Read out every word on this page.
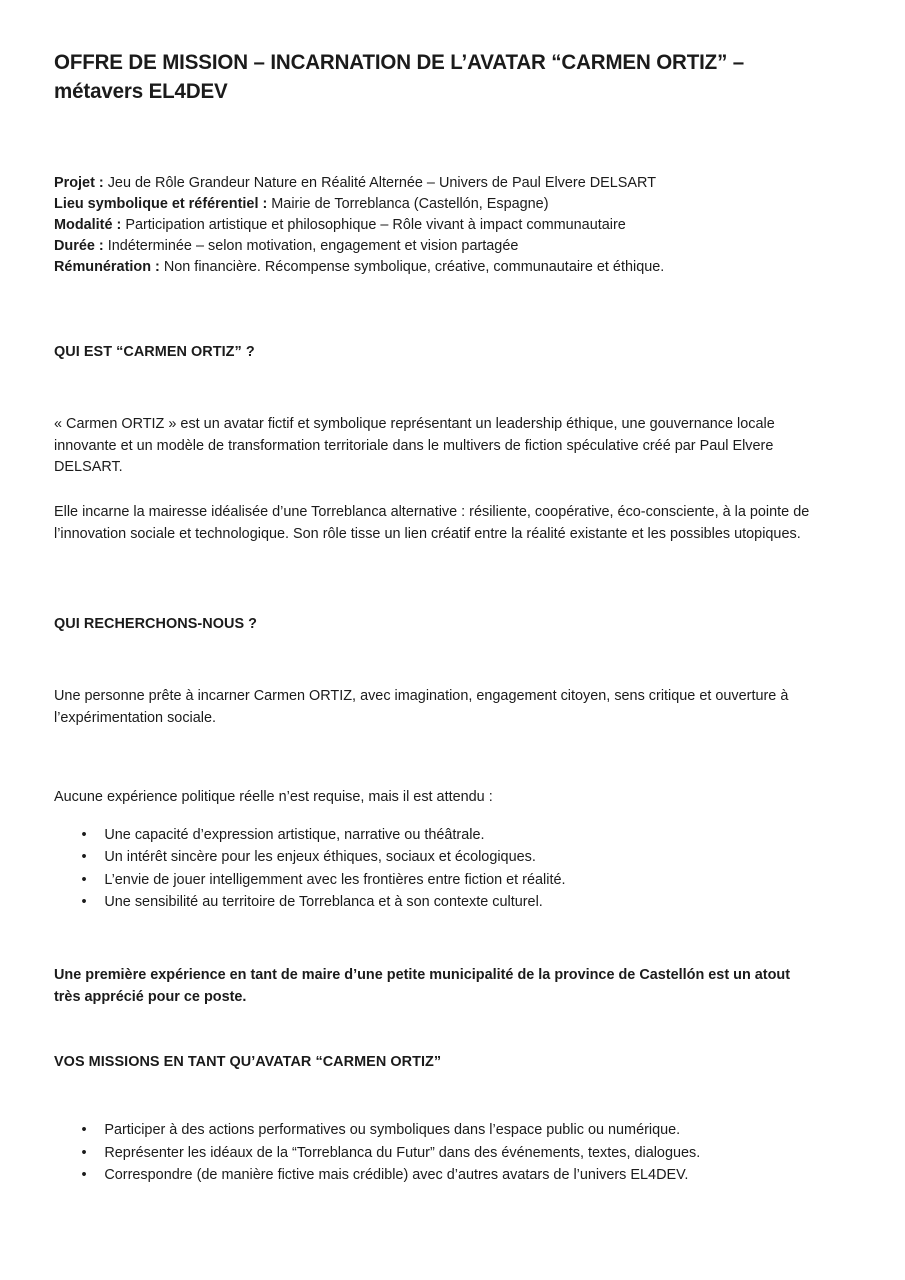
OFFRE DE MISSION – INCARNATION DE L’AVATAR “CARMEN ORTIZ” – métavers EL4DEV
Projet : Jeu de Rôle Grandeur Nature en Réalité Alternée – Univers de Paul Elvere DELSART
Lieu symbolique et référentiel : Mairie de Torreblanca (Castellón, Espagne)
Modalité : Participation artistique et philosophique – Rôle vivant à impact communautaire
Durée : Indéterminée – selon motivation, engagement et vision partagée
Rémunération : Non financière. Récompense symbolique, créative, communautaire et éthique.
QUI EST “CARMEN ORTIZ” ?
« Carmen ORTIZ » est un avatar fictif et symbolique représentant un leadership éthique, une gouvernance locale innovante et un modèle de transformation territoriale dans le multivers de fiction spéculative créé par Paul Elvere DELSART.
Elle incarne la mairesse idéalisée d’une Torreblanca alternative : résiliente, coopérative, éco-consciente, à la pointe de l’innovation sociale et technologique. Son rôle tisse un lien créatif entre la réalité existante et les possibles utopiques.
QUI RECHERCHONS-NOUS ?
Une personne prête à incarner Carmen ORTIZ, avec imagination, engagement citoyen, sens critique et ouverture à l’expérimentation sociale.
Aucune expérience politique réelle n’est requise, mais il est attendu :
• Une capacité d’expression artistique, narrative ou théâtrale.
• Un intérêt sincère pour les enjeux éthiques, sociaux et écologiques.
• L’envie de jouer intelligemment avec les frontières entre fiction et réalité.
• Une sensibilité au territoire de Torreblanca et à son contexte culturel.
Une première expérience en tant de maire d’une petite municipalité de la province de Castellón est un atout très apprécié pour ce poste.
VOS MISSIONS EN TANT QU’AVATAR “CARMEN ORTIZ”
• Participer à des actions performatives ou symboliques dans l’espace public ou numérique.
• Représenter les idéaux de la “Torreblanca du Futur” dans des événements, textes, dialogues.
• Correspondre (de manière fictive mais crédible) avec d’autres avatars de l’univers EL4DEV.
